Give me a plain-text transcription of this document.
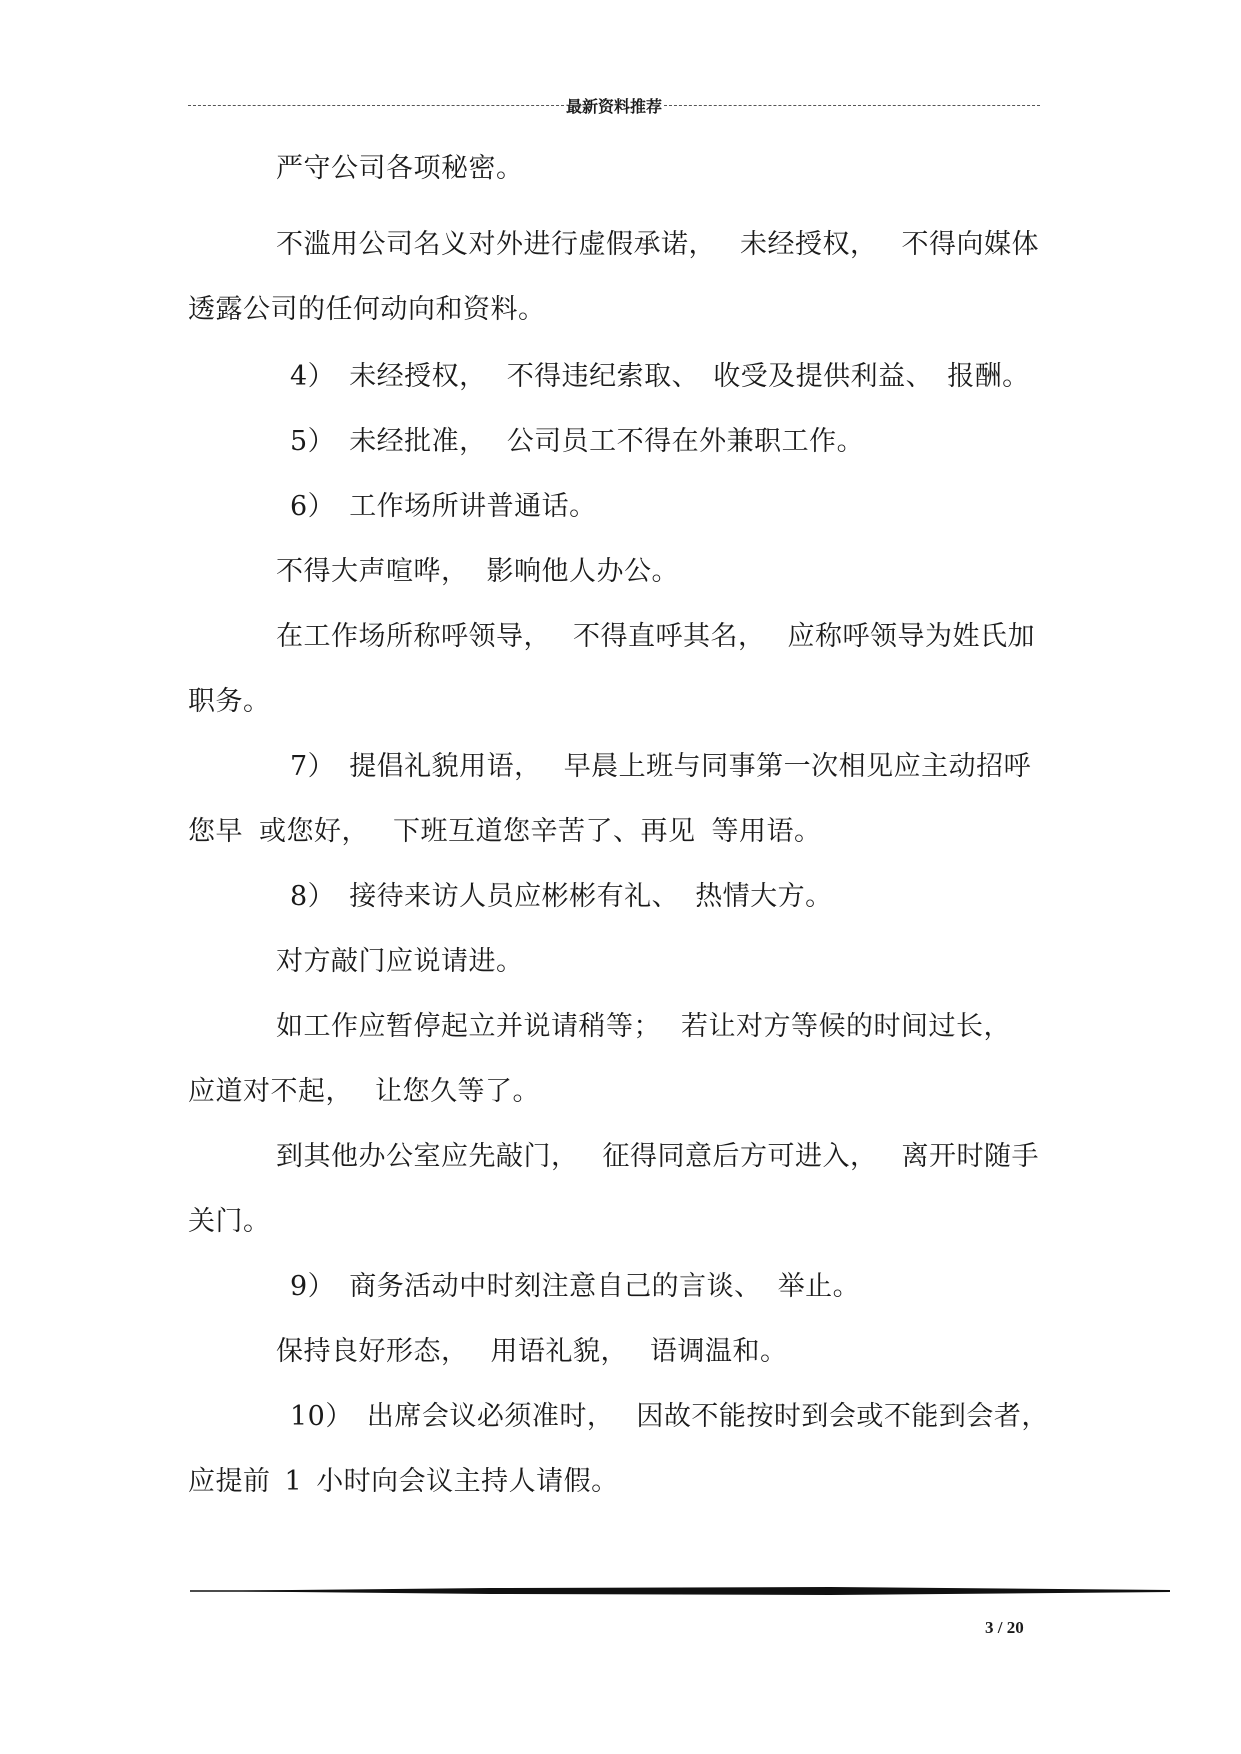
最新资料推荐
严守公司各项秘密。
不滥用公司名义对外进行虚假承诺， 未经授权， 不得向媒体
透露公司的任何动向和资料。
4） 未经授权， 不得违纪索取、 收受及提供利益、 报酬。
5） 未经批准， 公司员工不得在外兼职工作。
6） 工作场所讲普通话。
不得大声喧哗， 影响他人办公。
在工作场所称呼领导， 不得直呼其名， 应称呼领导为姓氏加
职务。
7） 提倡礼貌用语， 早晨上班与同事第一次相见应主动招呼
您早 或您好， 下班互道您辛苦了、再见 等用语。
8） 接待来访人员应彬彬有礼、 热情大方。
对方敲门应说请进。
如工作应暂停起立并说请稍等； 若让对方等候的时间过长，
应道对不起， 让您久等了。
到其他办公室应先敲门， 征得同意后方可进入， 离开时随手
关门。
9） 商务活动中时刻注意自己的言谈、 举止。
保持良好形态， 用语礼貌， 语调温和。
10） 出席会议必须准时， 因故不能按时到会或不能到会者，
应提前 1 小时向会议主持人请假。
3 / 20
